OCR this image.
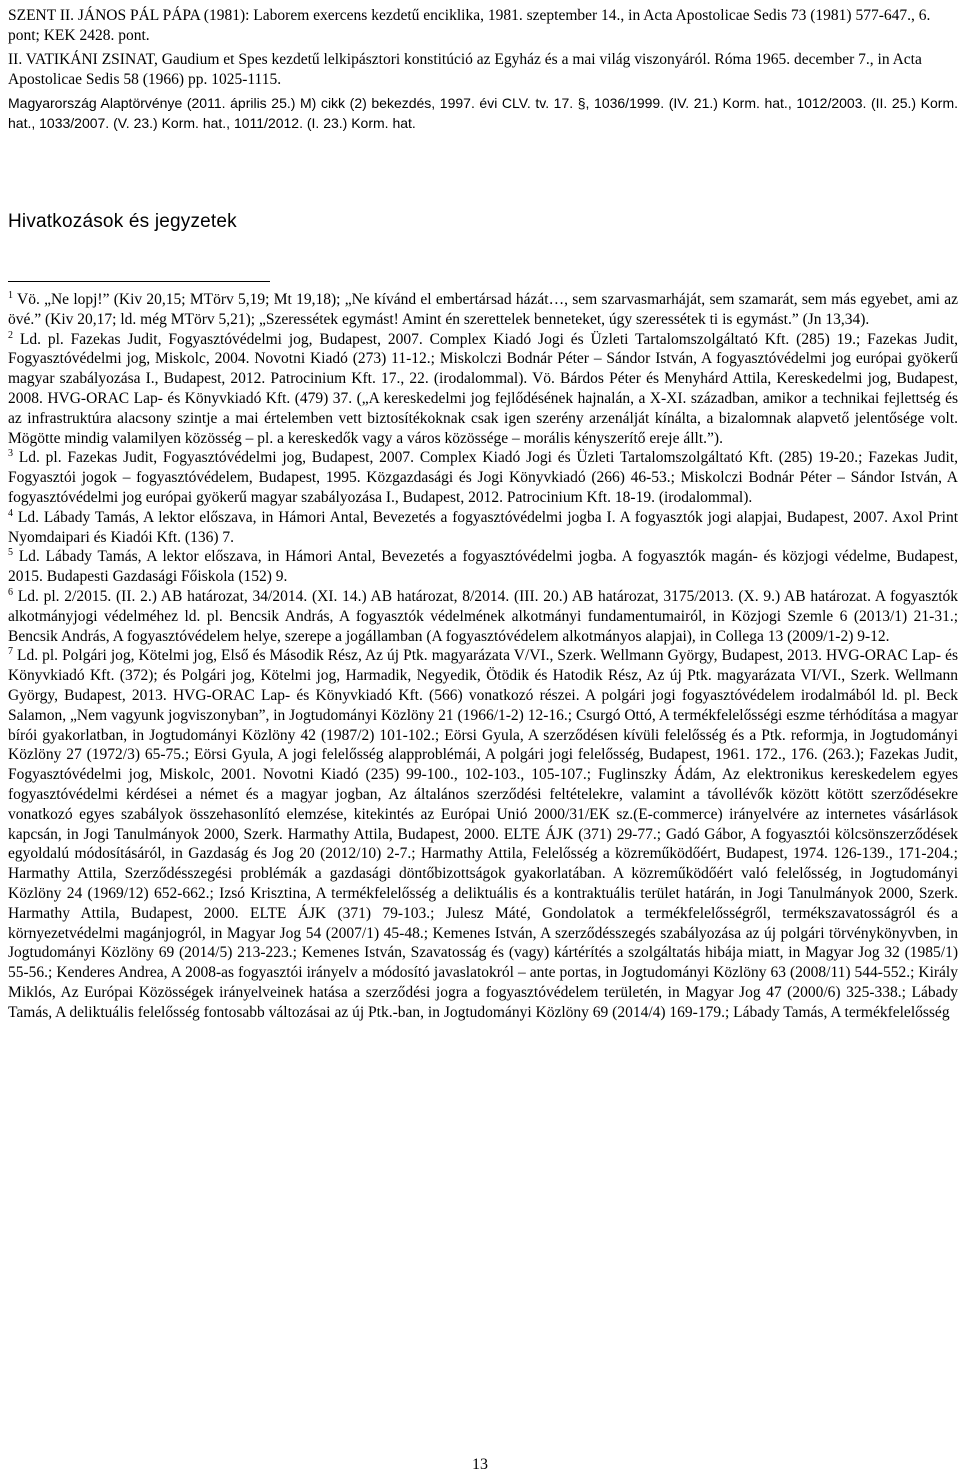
SZENT II. JÁNOS PÁL PÁPA (1981): Laborem exercens kezdetű enciklika, 1981. szeptember 14., in Acta Apostolicae Sedis 73 (1981) 577-647., 6. pont; KEK 2428. pont.

II. VATIKÁNI ZSINAT, Gaudium et Spes kezdetű lelkipásztori konstitúció az Egyház és a mai világ viszonyáról. Róma 1965. december 7., in Acta Apostolicae Sedis 58 (1966) pp. 1025-1115.

Magyarország Alaptörvénye (2011. április 25.) M) cikk (2) bekezdés, 1997. évi CLV. tv. 17. §, 1036/1999. (IV. 21.) Korm. hat., 1012/2003. (II. 25.) Korm. hat., 1033/2007. (V. 23.) Korm. hat., 1011/2012. (I. 23.) Korm. hat.

Hivatkozások és jegyzetek

$^1$ Vö. „Ne lopj!” (Kiv 20,15; MTörv 5,19; Mt 19,18); „Ne kívánd el embertársad házát…, sem szarvasmarháját, sem szamarát, sem más egyebet, ami az övé.” (Kiv 20,17; ld. még MTörv 5,21); „Szeressétek egymást! Amint én szerettelek benneteket, úgy szeressétek ti is egymást.” (Jn 13,34).

$^2$ Ld. pl. Fazekas Judit, Fogyasztóvédelmi jog, Budapest, 2007. Complex Kiadó Jogi és Üzleti Tartalomszolgáltató Kft. (285) 19.; Fazekas Judit, Fogyasztóvédelmi jog, Miskolc, 2004. Novotni Kiadó (273) 11-12.; Miskolczi Bodnár Péter – Sándor István, A fogyasztóvédelmi jog európai gyökerű magyar szabályozása I., Budapest, 2012. Patrocinium Kft. 17., 22. (irodalommal). Vö. Bárdos Péter és Menyhárd Attila, Kereskedelmi jog, Budapest, 2008. HVG-ORAC Lap- és Könyvkiadó Kft. (479) 37. („A kereskedelmi jog fejlődésének hajnalán, a X-XI. században, amikor a technikai fejlettség és az infrastruktúra alacsony szintje a mai értelemben vett biztosítékoknak csak igen szerény arzenálját kínálta, a bizalomnak alapvető jelentősége volt. Mögötte mindig valamilyen közösség – pl. a kereskedők vagy a város közössége – morális kényszerítő ereje állt.”).

$^3$ Ld. pl. Fazekas Judit, Fogyasztóvédelmi jog, Budapest, 2007. Complex Kiadó Jogi és Üzleti Tartalomszolgáltató Kft. (285) 19-20.; Fazekas Judit, Fogyasztói jogok – fogyasztóvédelem, Budapest, 1995. Közgazdasági és Jogi Könyvkiadó (266) 46-53.; Miskolczi Bodnár Péter – Sándor István, A fogyasztóvédelmi jog európai gyökerű magyar szabályozása I., Budapest, 2012. Patrocinium Kft. 18-19. (irodalommal).

$^4$ Ld. Lábady Tamás, A lektor előszava, in Hámori Antal, Bevezetés a fogyasztóvédelmi jogba I. A fogyasztók jogi alapjai, Budapest, 2007. Axol Print Nyomdaipari és Kiadói Kft. (136) 7.

$^5$ Ld. Lábady Tamás, A lektor előszava, in Hámori Antal, Bevezetés a fogyasztóvédelmi jogba. A fogyasztók magán- és közjogi védelme, Budapest, 2015. Budapesti Gazdasági Főiskola (152) 9.

$^6$ Ld. pl. 2/2015. (II. 2.) AB határozat, 34/2014. (XI. 14.) AB határozat, 8/2014. (III. 20.) AB határozat, 3175/2013. (X. 9.) AB határozat. A fogyasztók alkotmányjogi védelméhez ld. pl. Bencsik András, A fogyasztók védelmének alkotmányi fundamentumairól, in Közjogi Szemle 6 (2013/1) 21-31.; Bencsik András, A fogyasztóvédelem helye, szerepe a jogállamban (A fogyasztóvédelem alkotmányos alapjai), in Collega 13 (2009/1-2) 9-12.

$^7$ Ld. pl. Polgári jog, Kötelmi jog, Első és Második Rész, Az új Ptk. magyarázata V/VI., Szerk. Wellmann György, Budapest, 2013. HVG-ORAC Lap- és Könyvkiadó Kft. (372); és Polgári jog, Kötelmi jog, Harmadik, Negyedik, Ötödik és Hatodik Rész, Az új Ptk. magyarázata VI/VI., Szerk. Wellmann György, Budapest, 2013. HVG-ORAC Lap- és Könyvkiadó Kft. (566) vonatkozó részei. A polgári jogi fogyasztóvédelem irodalmából ld. pl. Beck Salamon, „Nem vagyunk jogviszonyban”, in Jogtudományi Közlöny 21 (1966/1-2) 12-16.; Csurgó Ottó, A termékfelelősségi eszme térhódítása a magyar bírói gyakorlatban, in Jogtudományi Közlöny 42 (1987/2) 101-102.; Eörsi Gyula, A szerződésen kívüli felelősség és a Ptk. reformja, in Jogtudományi Közlöny 27 (1972/3) 65-75.; Eörsi Gyula, A jogi felelősség alapproblémái, A polgári jogi felelősség, Budapest, 1961. 172., 176. (263.); Fazekas Judit, Fogyasztóvédelmi jog, Miskolc, 2001. Novotni Kiadó (235) 99-100., 102-103., 105-107.; Fuglinszky Ádám, Az elektronikus kereskedelem egyes fogyasztóvédelmi kérdései a német és a magyar jogban, Az általános szerződési feltételekre, valamint a távollévők között kötött szerződésekre vonatkozó egyes szabályok összehasonlító elemzése, kitekintés az Európai Unió 2000/31/EK sz.(E-commerce) irányelvére az internetes vásárlások kapcsán, in Jogi Tanulmányok 2000, Szerk. Harmathy Attila, Budapest, 2000. ELTE ÁJK (371) 29-77.; Gadó Gábor, A fogyasztói kölcsönszerződések egyoldalú módosításáról, in Gazdaság és Jog 20 (2012/10) 2-7.; Harmathy Attila, Felelősség a közreműködőért, Budapest, 1974. 126-139., 171-204.; Harmathy Attila, Szerződésszegési problémák a gazdasági döntőbizottságok gyakorlatában. A közreműködőért való felelősség, in Jogtudományi Közlöny 24 (1969/12) 652-662.; Izsó Krisztina, A termékfelelősség a deliktuális és a kontraktuális terület határán, in Jogi Tanulmányok 2000, Szerk. Harmathy Attila, Budapest, 2000. ELTE ÁJK (371) 79-103.; Julesz Máté, Gondolatok a termékfelelősségről, termékszavatosságról és a környezetvédelmi magánjogról, in Magyar Jog 54 (2007/1) 45-48.; Kemenes István, A szerződésszegés szabályozása az új polgári törvénykönyvben, in Jogtudományi Közlöny 69 (2014/5) 213-223.; Kemenes István, Szavatosság és (vagy) kártérítés a szolgáltatás hibája miatt, in Magyar Jog 32 (1985/1) 55-56.; Kenderes Andrea, A 2008-as fogyasztói irányelv a módosító javaslatokról – ante portas, in Jogtudományi Közlöny 63 (2008/11) 544-552.; Király Miklós, Az Európai Közösségek irányelveinek hatása a szerződési jogra a fogyasztóvédelem területén, in Magyar Jog 47 (2000/6) 325-338.; Lábady Tamás, A deliktuális felelősség fontosabb változásai az új Ptk.-ban, in Jogtudományi Közlöny 69 (2014/4) 169-179.; Lábady Tamás, A termékfelelősség

13
